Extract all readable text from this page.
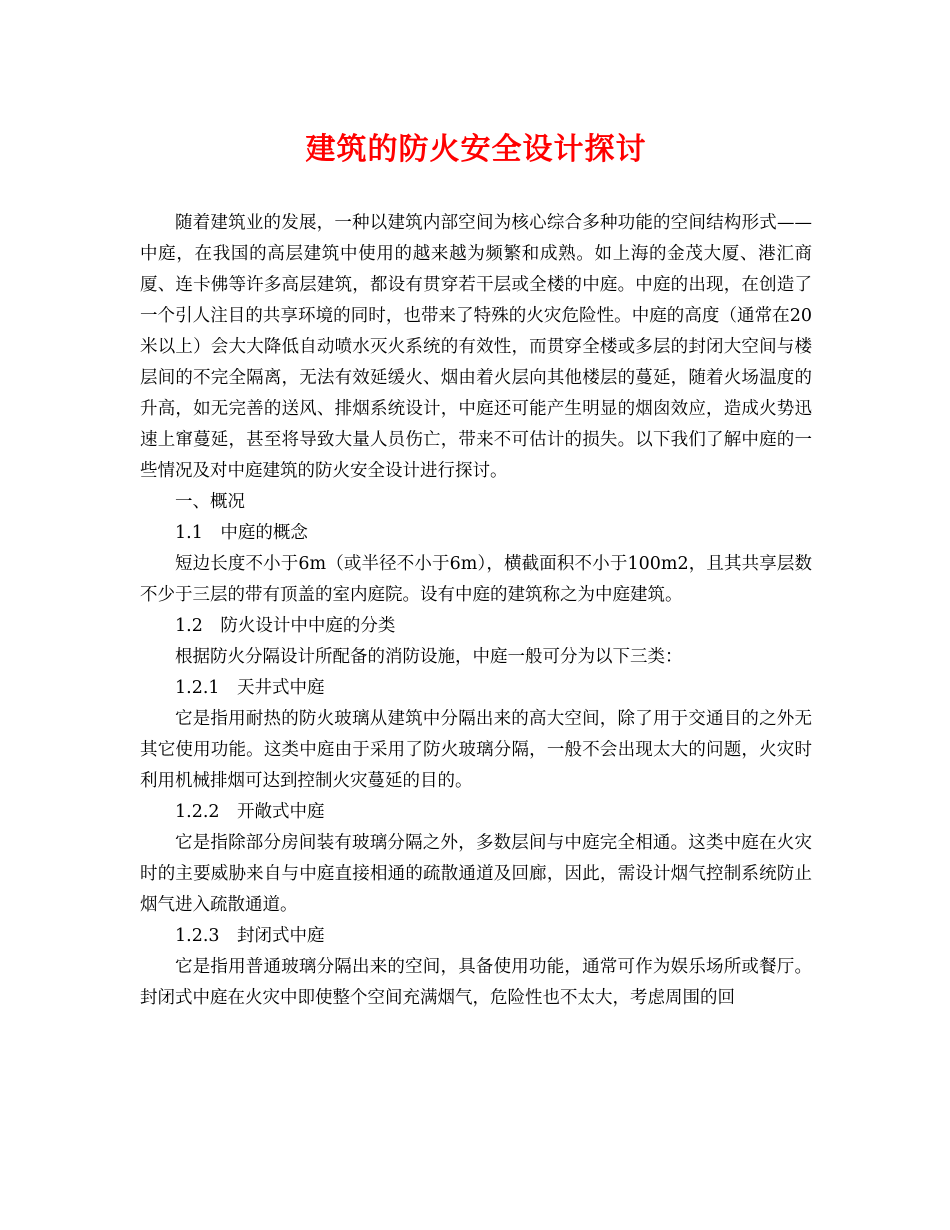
建筑的防火安全设计探讨

随着建筑业的发展，一种以建筑内部空间为核心综合多种功能的空间结构形式——中庭，在我国的高层建筑中使用的越来越为频繁和成熟。如上海的金茂大厦、港汇商厦、连卡佛等许多高层建筑，都设有贯穿若干层或全楼的中庭。中庭的出现，在创造了一个引人注目的共享环境的同时，也带来了特殊的火灾危险性。中庭的高度（通常在20米以上）会大大降低自动喷水灭火系统的有效性，而贯穿全楼或多层的封闭大空间与楼层间的不完全隔离，无法有效延缓火、烟由着火层向其他楼层的蔓延，随着火场温度的升高，如无完善的送风、排烟系统设计，中庭还可能产生明显的烟囱效应，造成火势迅速上窜蔓延，甚至将导致大量人员伤亡，带来不可估计的损失。以下我们了解中庭的一些情况及对中庭建筑的防火安全设计进行探讨。

一、概况

1.1　中庭的概念

短边长度不小于6m（或半径不小于6m），横截面积不小于100m2，且其共享层数不少于三层的带有顶盖的室内庭院。设有中庭的建筑称之为中庭建筑。

1.2　防火设计中中庭的分类

根据防火分隔设计所配备的消防设施，中庭一般可分为以下三类：

1.2.1　天井式中庭

它是指用耐热的防火玻璃从建筑中分隔出来的高大空间，除了用于交通目的之外无其它使用功能。这类中庭由于采用了防火玻璃分隔，一般不会出现太大的问题，火灾时利用机械排烟可达到控制火灾蔓延的目的。

1.2.2　开敞式中庭

它是指除部分房间装有玻璃分隔之外，多数层间与中庭完全相通。这类中庭在火灾时的主要威胁来自与中庭直接相通的疏散通道及回廊，因此，需设计烟气控制系统防止烟气进入疏散通道。

1.2.3　封闭式中庭

它是指用普通玻璃分隔出来的空间，具备使用功能，通常可作为娱乐场所或餐厅。封闭式中庭在火灾中即使整个空间充满烟气，危险性也不太大，考虑周围的回
